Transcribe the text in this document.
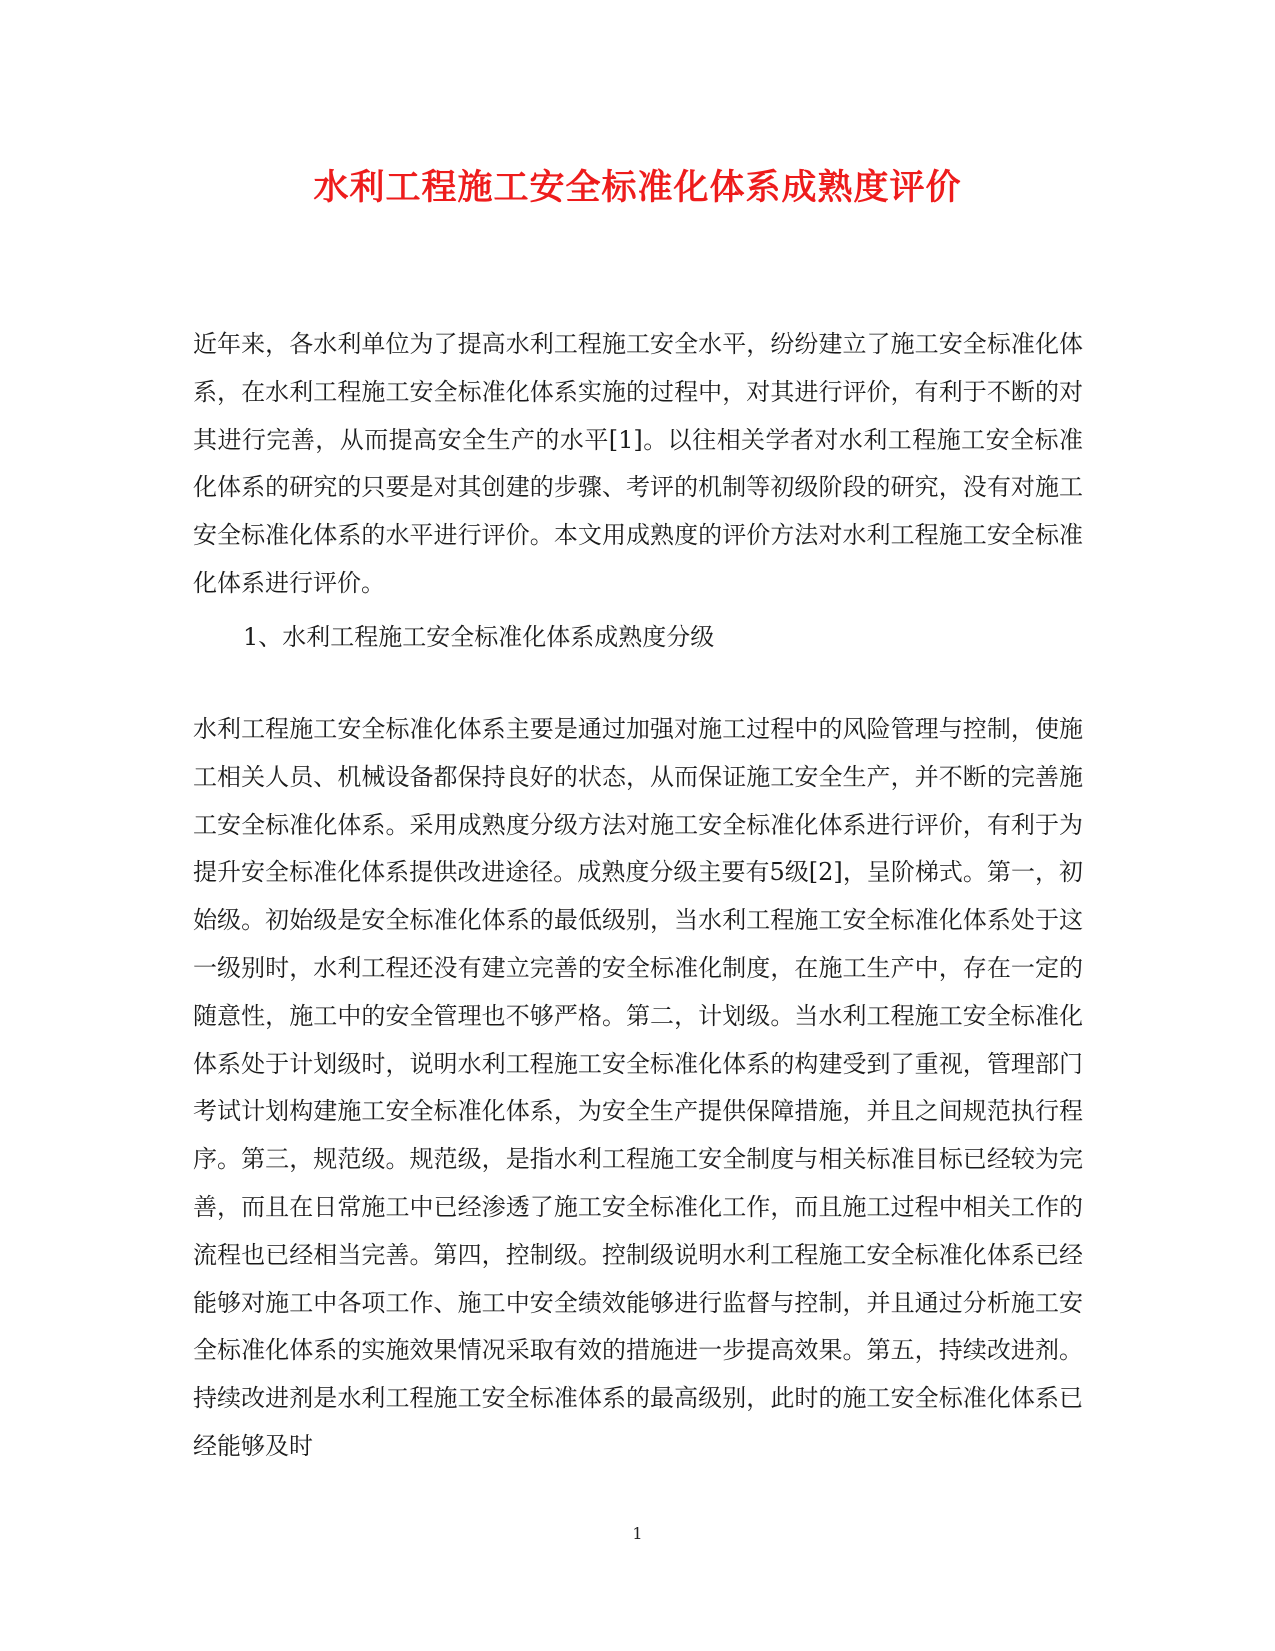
水利工程施工安全标准化体系成熟度评价

近年来，各水利单位为了提高水利工程施工安全水平，纷纷建立了施工安全标准化体系，在水利工程施工安全标准化体系实施的过程中，对其进行评价，有利于不断的对其进行完善，从而提高安全生产的水平[1]。以往相关学者对水利工程施工安全标准化体系的研究的只要是对其创建的步骤、考评的机制等初级阶段的研究，没有对施工安全标准化体系的水平进行评价。本文用成熟度的评价方法对水利工程施工安全标准化体系进行评价。

1、水利工程施工安全标准化体系成熟度分级

水利工程施工安全标准化体系主要是通过加强对施工过程中的风险管理与控制，使施工相关人员、机械设备都保持良好的状态，从而保证施工安全生产，并不断的完善施工安全标准化体系。采用成熟度分级方法对施工安全标准化体系进行评价，有利于为提升安全标准化体系提供改进途径。成熟度分级主要有5级[2]，呈阶梯式。第一，初始级。初始级是安全标准化体系的最低级别，当水利工程施工安全标准化体系处于这一级别时，水利工程还没有建立完善的安全标准化制度，在施工生产中，存在一定的随意性，施工中的安全管理也不够严格。第二，计划级。当水利工程施工安全标准化体系处于计划级时，说明水利工程施工安全标准化体系的构建受到了重视，管理部门考试计划构建施工安全标准化体系，为安全生产提供保障措施，并且之间规范执行程序。第三，规范级。规范级，是指水利工程施工安全制度与相关标准目标已经较为完善，而且在日常施工中已经渗透了施工安全标准化工作，而且施工过程中相关工作的流程也已经相当完善。第四，控制级。控制级说明水利工程施工安全标准化体系已经能够对施工中各项工作、施工中安全绩效能够进行监督与控制，并且通过分析施工安全标准化体系的实施效果情况采取有效的措施进一步提高效果。第五，持续改进剂。持续改进剂是水利工程施工安全标准体系的最高级别，此时的施工安全标准化体系已经能够及时

1
